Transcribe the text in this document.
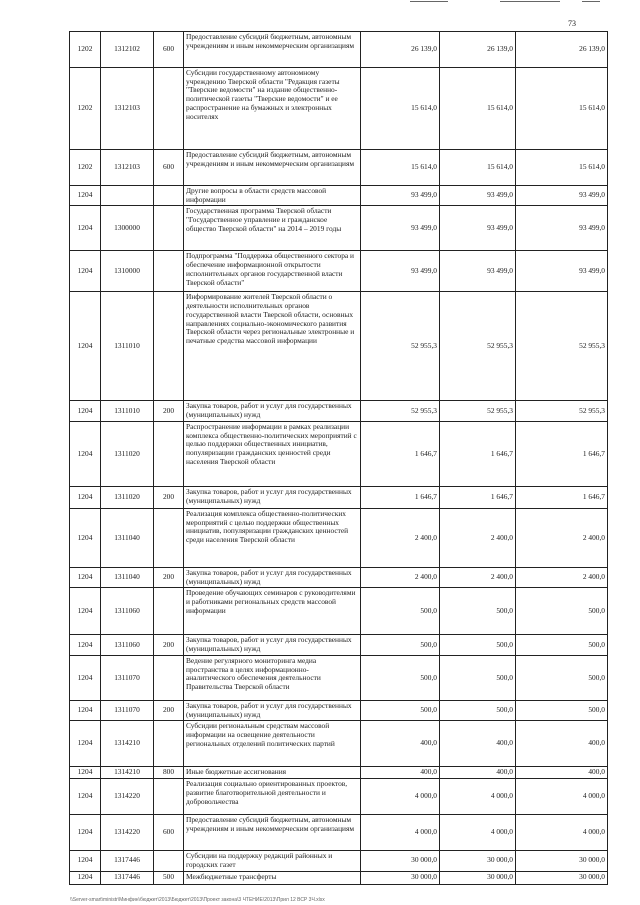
73
1202	1312102	600	Предоставление субсидий бюджетным, автономным учреждениям и иным некоммерческим организациям	26 139,0	26 139,0	26 139,0
1202	1312103		Субсидии государственному автономному учреждению Тверской области "Редакция газеты "Тверские ведомости" на издание общественно-политической газеты "Тверские ведомости" и ее распространение на бумажных и электронных носителях	15 614,0	15 614,0	15 614,0
1202	1312103	600	Предоставление субсидий бюджетным, автономным учреждениям и иным некоммерческим организациям	15 614,0	15 614,0	15 614,0
1204			Другие вопросы в области средств массовой информации	93 499,0	93 499,0	93 499,0
1204	1300000		Государственная программа Тверской области "Государственное управление и гражданское общество Тверской области" на 2014 – 2019 годы	93 499,0	93 499,0	93 499,0
1204	1310000		Подпрограмма "Поддержка общественного сектора и обеспечение информационной открытости исполнительных органов государственной власти Тверской области"	93 499,0	93 499,0	93 499,0
1204	1311010		Информирование жителей Тверской области о деятельности исполнительных органов государственной власти Тверской области, основных направлениях социально-экономического развития Тверской области через региональные электронные и печатные средства массовой информации	52 955,3	52 955,3	52 955,3
1204	1311010	200	Закупка товаров, работ и услуг для государственных (муниципальных) нужд	52 955,3	52 955,3	52 955,3
1204	1311020		Распространение информации в рамках реализации комплекса общественно-политических мероприятий с целью поддержки общественных инициатив, популяризации гражданских ценностей среди населения Тверской области	1 646,7	1 646,7	1 646,7
1204	1311020	200	Закупка товаров, работ и услуг для государственных (муниципальных) нужд	1 646,7	1 646,7	1 646,7
1204	1311040		Реализация комплекса общественно-политических мероприятий с целью поддержки общественных инициатив, популяризации гражданских ценностей среди населения Тверской области	2 400,0	2 400,0	2 400,0
1204	1311040	200	Закупка товаров, работ и услуг для государственных (муниципальных) нужд	2 400,0	2 400,0	2 400,0
1204	1311060		Проведение обучающих семинаров с руководителями и работниками региональных средств массовой информации	500,0	500,0	500,0
1204	1311060	200	Закупка товаров, работ и услуг для государственных (муниципальных) нужд	500,0	500,0	500,0
1204	1311070		Ведение регулярного мониторинга медиа пространства в целях информационно-аналитического обеспечения деятельности Правительства Тверской области	500,0	500,0	500,0
1204	1311070	200	Закупка товаров, работ и услуг для государственных (муниципальных) нужд	500,0	500,0	500,0
1204	1314210		Субсидии региональным средствам массовой информации на освещение деятельности региональных отделений политических партий	400,0	400,0	400,0
1204	1314210	800	Иные бюджетные ассигнования	400,0	400,0	400,0
1204	1314220		Реализация социально ориентированных проектов, развитие благотворительной деятельности и добровольчества	4 000,0	4 000,0	4 000,0
1204	1314220	600	Предоставление субсидий бюджетным, автономным учреждениям и иным некоммерческим организациям	4 000,0	4 000,0	4 000,0
1204	1317446		Субсидии на поддержку редакций районных и городских газет	30 000,0	30 000,0	30 000,0
1204	1317446	500	Межбюджетные трансферты	30 000,0	30 000,0	30 000,0
\\Server-smart\ministr\Минфин\бюджет\2013\Бюджет\2013\Проект закона\3 ЧТЕНИЕ\2013\Прил 12 ВСР 3Ч.xlsx
